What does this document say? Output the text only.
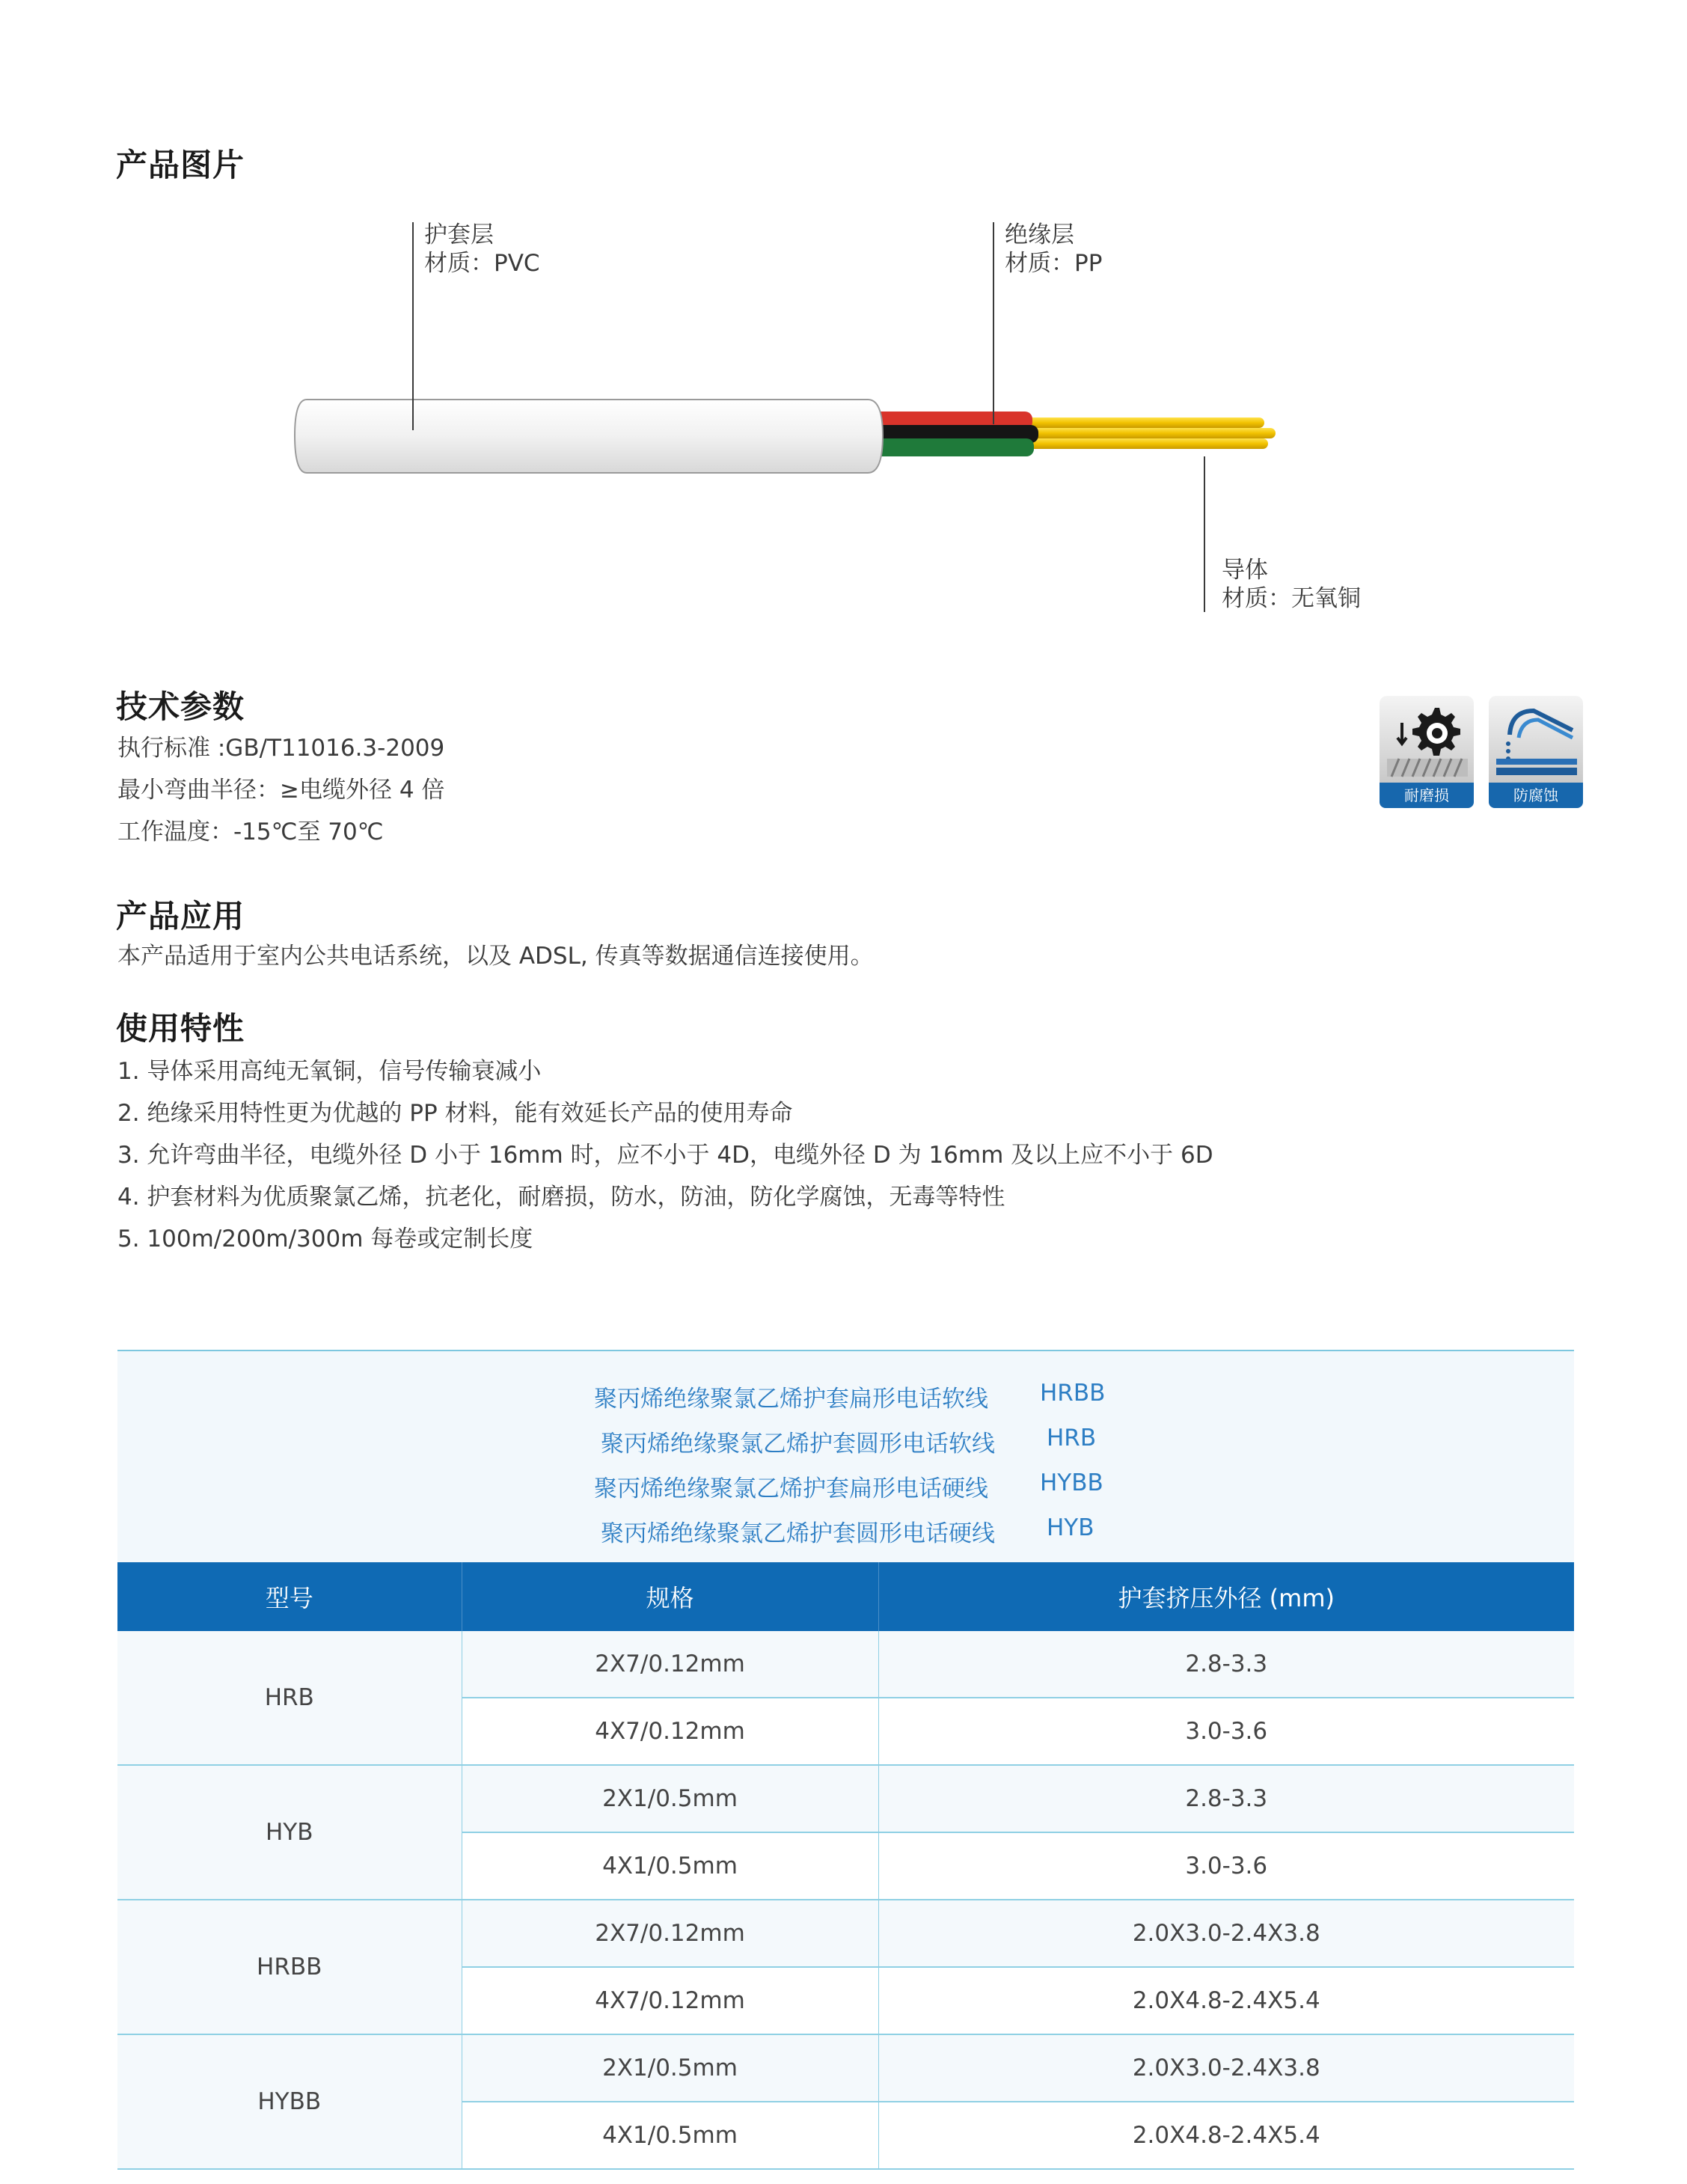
产品图片
护套层
材质：PVC
绝缘层
材质：PP
导体
材质：无氧铜
技术参数
执行标准 :GB/T11016.3-2009
最小弯曲半径：≥电缆外径 4 倍
工作温度：-15℃至 70℃
耐磨损	防腐蚀
产品应用
本产品适用于室内公共电话系统，以及 ADSL, 传真等数据通信连接使用。
使用特性
1. 导体采用高纯无氧铜，信号传输衰减小
2. 绝缘采用特性更为优越的 PP 材料，能有效延长产品的使用寿命
3. 允许弯曲半径，电缆外径 D 小于 16mm 时，应不小于 4D，电缆外径 D 为 16mm 及以上应不小于 6D
4. 护套材料为优质聚氯乙烯，抗老化，耐磨损，防水，防油，防化学腐蚀，无毒等特性
5. 100m/200m/300m 每卷或定制长度
聚丙烯绝缘聚氯乙烯护套扁形电话软线 HRBB
聚丙烯绝缘聚氯乙烯护套圆形电话软线 HRB
聚丙烯绝缘聚氯乙烯护套扁形电话硬线 HYBB
聚丙烯绝缘聚氯乙烯护套圆形电话硬线 HYB
型号	规格	护套挤压外径 (mm)
HRB	2X7/0.12mm	2.8-3.3
	4X7/0.12mm	3.0-3.6
HYB	2X1/0.5mm	2.8-3.3
	4X1/0.5mm	3.0-3.6
HRBB	2X7/0.12mm	2.0X3.0-2.4X3.8
	4X7/0.12mm	2.0X4.8-2.4X5.4
HYBB	2X1/0.5mm	2.0X3.0-2.4X3.8
	4X1/0.5mm	2.0X4.8-2.4X5.4
